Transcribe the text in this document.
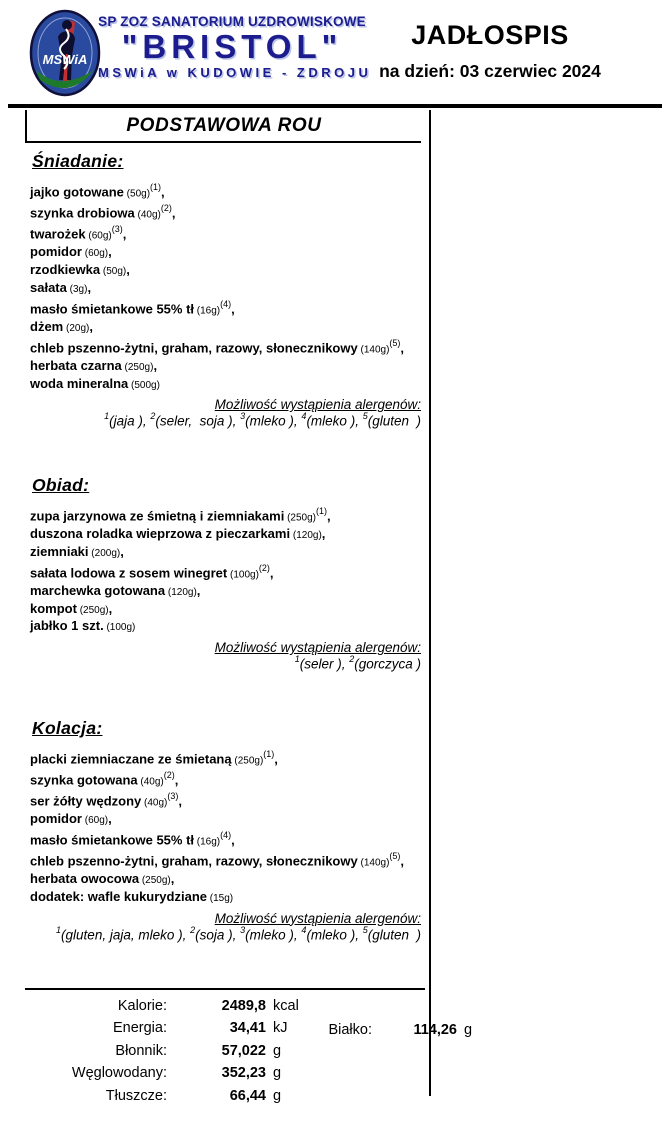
MSWiA
SP ZOZ SANATORIUM UZDROWISKOWE
"BRISTOL"
MSWiA w KUDOWIE - ZDROJU
JADŁOSPIS
na dzień: 03 czerwiec 2024
PODSTAWOWA ROU
Śniadanie:
jajko gotowane $(50g)^{(1)}$,
szynka drobiowa $(40g)^{(2)}$,
twarożek $(60g)^{(3)}$,
pomidor (60g),
rzodkiewka (50g),
sałata (3g),
masło śmietankowe 55% tł $(16g)^{(4)}$,
dżem (20g),
chleb pszenno-żytni, graham, razowy, słonecznikowy $(140g)^{(5)}$,
herbata czarna (250g),
woda mineralna (500g)
Możliwość wystąpienia alergenów:
$^1$(jaja ), $^2$(seler,  soja ), $^3$(mleko ), $^4$(mleko ), $^5$(gluten  )
Obiad:
zupa jarzynowa ze śmietną i ziemniakami $(250g)^{(1)}$,
duszona roladka wieprzowa z pieczarkami (120g),
ziemniaki (200g),
sałata lodowa z sosem winegret $(100g)^{(2)}$,
marchewka gotowana (120g),
kompot (250g),
jabłko 1 szt. (100g)
Możliwość wystąpienia alergenów:
$^1$(seler ), $^2$(gorczyca )
Kolacja:
placki ziemniaczane ze śmietaną $(250g)^{(1)}$,
szynka gotowana $(40g)^{(2)}$,
ser żółty wędzony $(40g)^{(3)}$,
pomidor (60g),
masło śmietankowe 55% tł $(16g)^{(4)}$,
chleb pszenno-żytni, graham, razowy, słonecznikowy $(140g)^{(5)}$,
herbata owocowa (250g),
dodatek: wafle kukurydziane (15g)
Możliwość wystąpienia alergenów:
$^1$(gluten, jaja, mleko ), $^2$(soja ), $^3$(mleko ), $^4$(mleko ), $^5$(gluten  )
Kalorie:	2489,8 kcal
Energia:	34,41 kJ
Błonnik:	57,022 g
Węglowodany:	352,23 g
Tłuszcze:	66,44 g
Białko:	114,26 g
